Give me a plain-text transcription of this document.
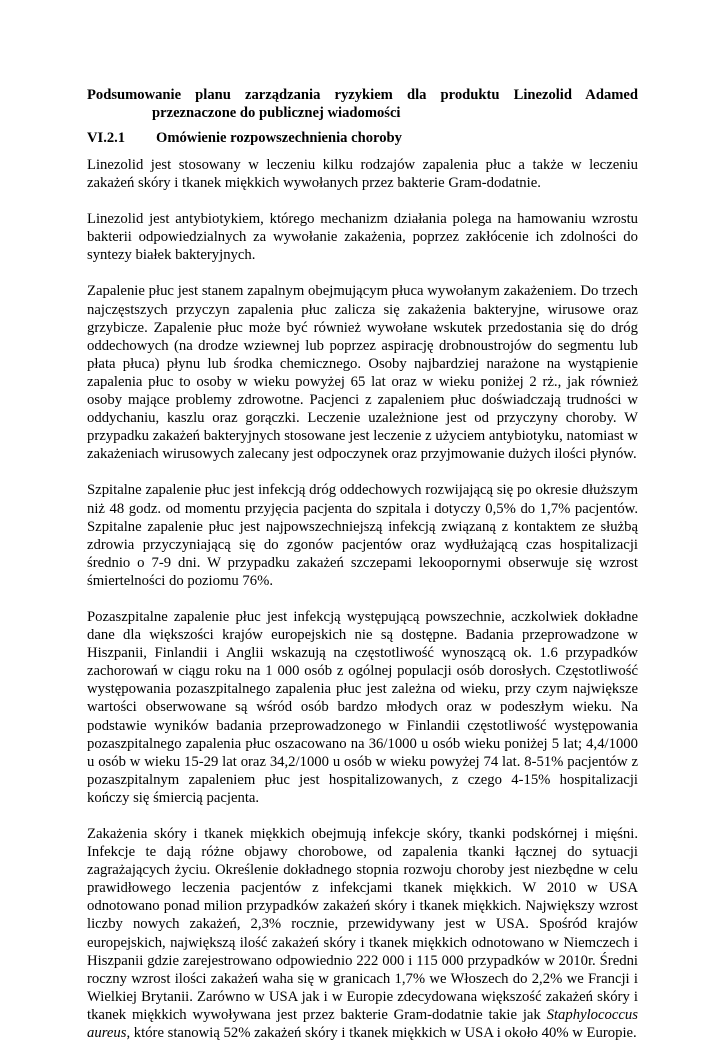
Podsumowanie planu zarządzania ryzykiem dla produktu Linezolid Adamed
przeznaczone do publicznej wiadomości
VI.2.1	Omówienie rozpowszechnienia choroby

Linezolid jest stosowany w leczeniu kilku rodzajów zapalenia płuc a także w leczeniu zakażeń skóry i tkanek miękkich wywołanych przez bakterie Gram-dodatnie.

Linezolid jest antybiotykiem, którego mechanizm działania polega na hamowaniu wzrostu bakterii odpowiedzialnych za wywołanie zakażenia, poprzez zakłócenie ich zdolności do syntezy białek bakteryjnych.

Zapalenie płuc jest stanem zapalnym obejmującym płuca wywołanym zakażeniem. Do trzech najczęstszych przyczyn zapalenia płuc zalicza się zakażenia bakteryjne, wirusowe oraz grzybicze. Zapalenie płuc może być również wywołane wskutek przedostania się do dróg oddechowych (na drodze wziewnej lub poprzez aspirację drobnoustrojów do segmentu lub płata płuca) płynu lub środka chemicznego. Osoby najbardziej narażone na wystąpienie zapalenia płuc to osoby w wieku powyżej 65 lat oraz w wieku poniżej 2 rż., jak również osoby mające problemy zdrowotne. Pacjenci z zapaleniem płuc doświadczają trudności w oddychaniu, kaszlu oraz gorączki. Leczenie uzależnione jest od przyczyny choroby. W przypadku zakażeń bakteryjnych stosowane jest leczenie z użyciem antybiotyku, natomiast w zakażeniach wirusowych zalecany jest odpoczynek oraz przyjmowanie dużych ilości płynów.

Szpitalne zapalenie płuc jest infekcją dróg oddechowych rozwijającą się po okresie dłuższym niż 48 godz. od momentu przyjęcia pacjenta do szpitala i dotyczy 0,5% do 1,7% pacjentów. Szpitalne zapalenie płuc jest najpowszechniejszą infekcją związaną z kontaktem ze służbą zdrowia przyczyniającą się do zgonów pacjentów oraz wydłużającą czas hospitalizacji średnio o 7-9 dni. W przypadku zakażeń szczepami lekoopornymi obserwuje się wzrost śmiertelności do poziomu 76%.

Pozaszpitalne zapalenie płuc jest infekcją występującą powszechnie, aczkolwiek dokładne dane dla większości krajów europejskich nie są dostępne. Badania przeprowadzone w Hiszpanii, Finlandii i Anglii wskazują na częstotliwość wynoszącą ok. 1.6 przypadków zachorowań w ciągu roku na 1 000 osób z ogólnej populacji osób dorosłych. Częstotliwość występowania pozaszpitalnego zapalenia płuc jest zależna od wieku, przy czym największe wartości obserwowane są wśród osób bardzo młodych oraz w podeszłym wieku. Na podstawie wyników badania przeprowadzonego w Finlandii częstotliwość występowania pozaszpitalnego zapalenia płuc oszacowano na 36/1000 u osób wieku poniżej 5 lat; 4,4/1000 u osób w wieku 15-29 lat oraz 34,2/1000 u osób w wieku powyżej 74 lat. 8-51% pacjentów z pozaszpitalnym zapaleniem płuc jest hospitalizowanych, z czego 4-15% hospitalizacji kończy się śmiercią pacjenta.

Zakażenia skóry i tkanek miękkich obejmują infekcje skóry, tkanki podskórnej i mięśni. Infekcje te dają różne objawy chorobowe, od zapalenia tkanki łącznej do sytuacji zagrażających życiu. Określenie dokładnego stopnia rozwoju choroby jest niezbędne w celu prawidłowego leczenia pacjentów z infekcjami tkanek miękkich. W 2010 w USA odnotowano ponad milion przypadków zakażeń skóry i tkanek miękkich. Największy wzrost liczby nowych zakażeń, 2,3% rocznie, przewidywany jest w USA. Spośród krajów europejskich, największą ilość zakażeń skóry i tkanek miękkich odnotowano w Niemczech i Hiszpanii gdzie zarejestrowano odpowiednio 222 000 i 115 000 przypadków w 2010r. Średni roczny wzrost ilości zakażeń waha się w granicach 1,7% we Włoszech do 2,2% we Francji i Wielkiej Brytanii. Zarówno w USA jak i w Europie zdecydowana większość zakażeń skóry i tkanek miękkich wywoływana jest przez bakterie Gram-dodatnie takie jak Staphylococcus aureus, które stanowią 52% zakażeń skóry i tkanek miękkich w USA i około 40% w Europie.
